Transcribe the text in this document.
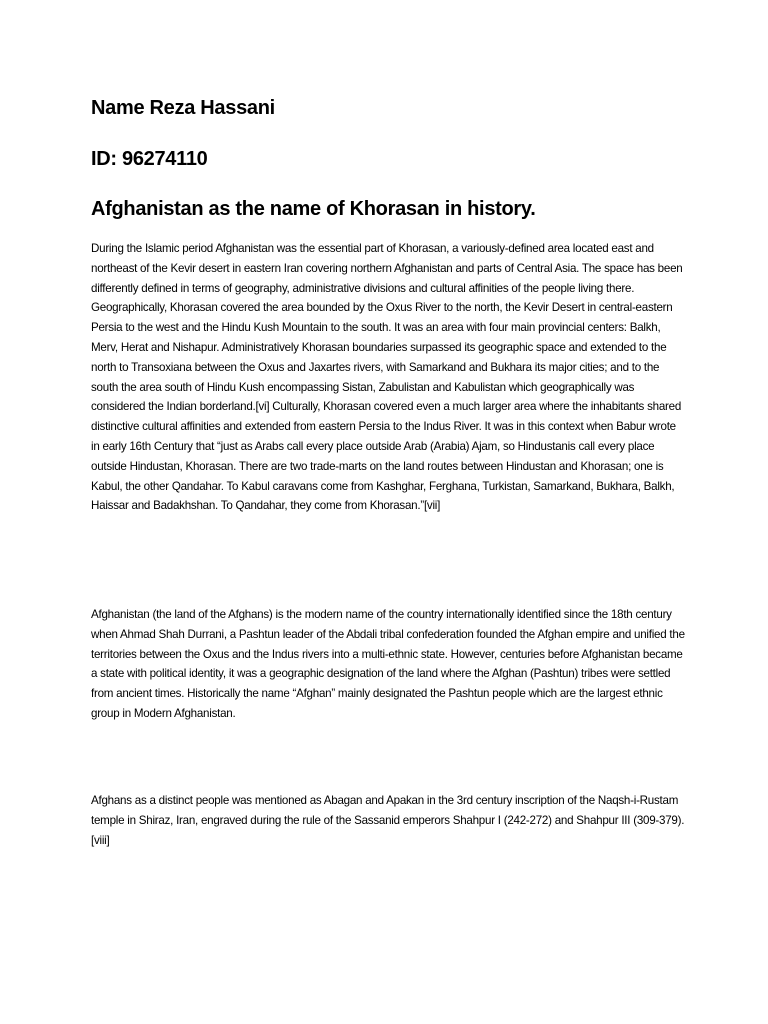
Name Reza Hassani
ID: 96274110
Afghanistan as the name of Khorasan in history.

During the Islamic period Afghanistan was the essential part of Khorasan, a variously-defined area located east and northeast of the Kevir desert in eastern Iran covering northern Afghanistan and parts of Central Asia. The space has been differently defined in terms of geography, administrative divisions and cultural affinities of the people living there. Geographically, Khorasan covered the area bounded by the Oxus River to the north, the Kevir Desert in central-eastern Persia to the west and the Hindu Kush Mountain to the south. It was an area with four main provincial centers: Balkh, Merv, Herat and Nishapur. Administratively Khorasan boundaries surpassed its geographic space and extended to the north to Transoxiana between the Oxus and Jaxartes rivers, with Samarkand and Bukhara its major cities; and to the south the area south of Hindu Kush encompassing Sistan, Zabulistan and Kabulistan which geographically was considered the Indian borderland.[vi] Culturally, Khorasan covered even a much larger area where the inhabitants shared distinctive cultural affinities and extended from eastern Persia to the Indus River. It was in this context when Babur wrote in early 16th Century that “just as Arabs call every place outside Arab (Arabia) Ajam, so Hindustanis call every place outside Hindustan, Khorasan. There are two trade-marts on the land routes between Hindustan and Khorasan; one is Kabul, the other Qandahar. To Kabul caravans come from Kashghar, Ferghana, Turkistan, Samarkand, Bukhara, Balkh, Haissar and Badakhshan. To Qandahar, they come from Khorasan.”[vii]

Afghanistan (the land of the Afghans) is the modern name of the country internationally identified since the 18th century when Ahmad Shah Durrani, a Pashtun leader of the Abdali tribal confederation founded the Afghan empire and unified the territories between the Oxus and the Indus rivers into a multi-ethnic state. However, centuries before Afghanistan became a state with political identity, it was a geographic designation of the land where the Afghan (Pashtun) tribes were settled from ancient times. Historically the name “Afghan” mainly designated the Pashtun people which are the largest ethnic group in Modern Afghanistan.

Afghans as a distinct people was mentioned as Abagan and Apakan in the 3rd century inscription of the Naqsh-i-Rustam temple in Shiraz, Iran, engraved during the rule of the Sassanid emperors Shahpur I (242-272) and Shahpur III (309-379).[viii]
